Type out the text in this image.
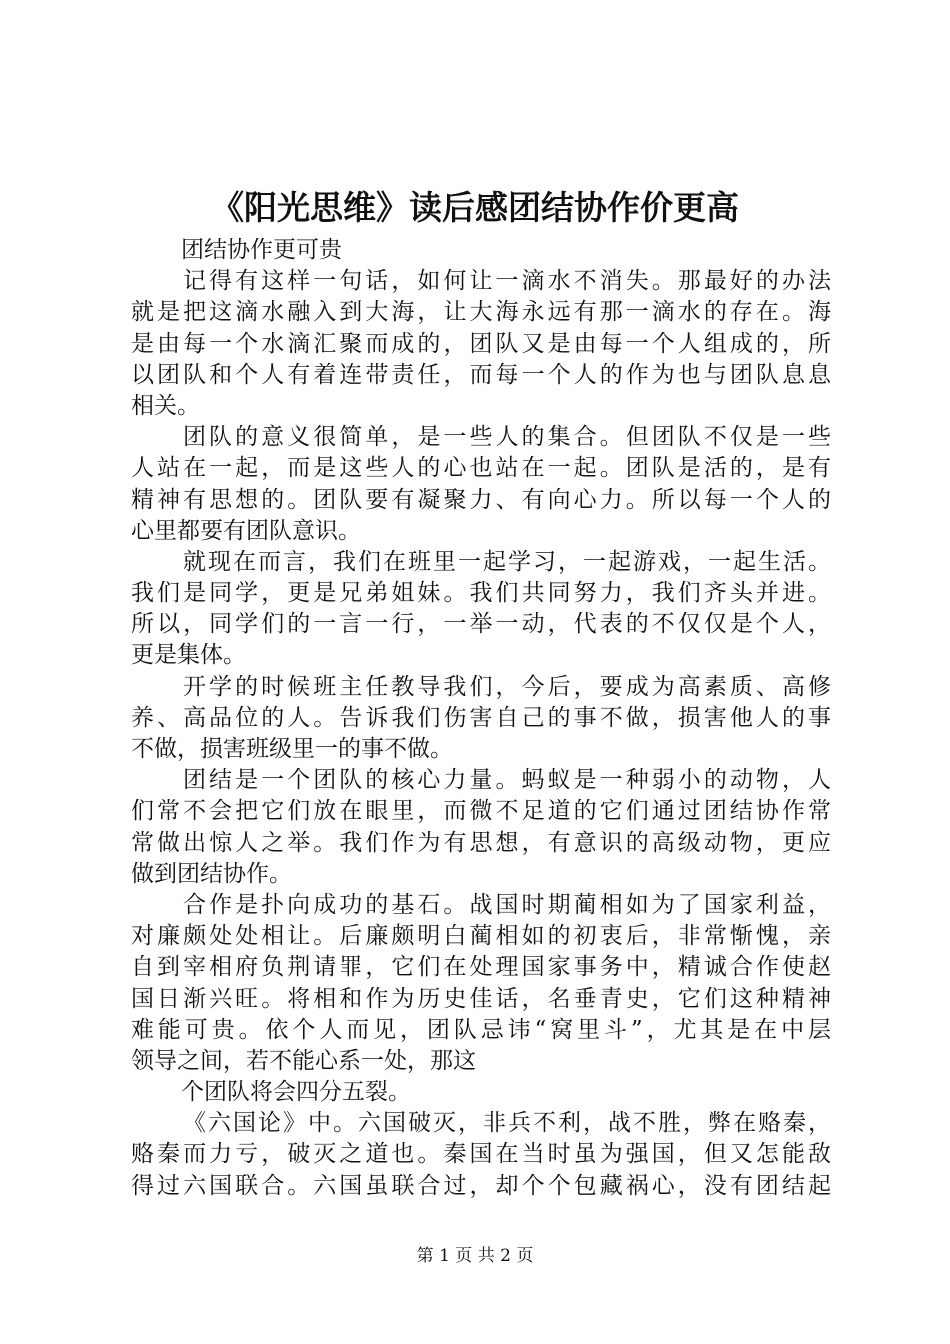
《阳光思维》读后感团结协作价更高
团结协作更可贵
记得有这样一句话，如何让一滴水不消失。那最好的办法
就是把这滴水融入到大海，让大海永远有那一滴水的存在。海
是由每一个水滴汇聚而成的，团队又是由每一个人组成的，所
以团队和个人有着连带责任，而每一个人的作为也与团队息息
相关。
团队的意义很简单，是一些人的集合。但团队不仅是一些
人站在一起，而是这些人的心也站在一起。团队是活的，是有
精神有思想的。团队要有凝聚力、有向心力。所以每一个人的
心里都要有团队意识。
就现在而言，我们在班里一起学习，一起游戏，一起生活。
我们是同学，更是兄弟姐妹。我们共同努力，我们齐头并进。
所以，同学们的一言一行，一举一动，代表的不仅仅是个人，
更是集体。
开学的时候班主任教导我们，今后，要成为高素质、高修
养、高品位的人。告诉我们伤害自己的事不做，损害他人的事
不做，损害班级里一的事不做。
团结是一个团队的核心力量。蚂蚁是一种弱小的动物，人
们常不会把它们放在眼里，而微不足道的它们通过团结协作常
常做出惊人之举。我们作为有思想，有意识的高级动物，更应
做到团结协作。
合作是扑向成功的基石。战国时期蔺相如为了国家利益，
对廉颇处处相让。后廉颇明白蔺相如的初衷后，非常惭愧，亲
自到宰相府负荆请罪，它们在处理国家事务中，精诚合作使赵
国日渐兴旺。将相和作为历史佳话，名垂青史，它们这种精神
难能可贵。依个人而见，团队忌讳“窝里斗”，尤其是在中层
领导之间，若不能心系一处，那这
个团队将会四分五裂。
《六国论》中。六国破灭，非兵不利，战不胜，弊在赂秦，
赂秦而力亏，破灭之道也。秦国在当时虽为强国，但又怎能敌
得过六国联合。六国虽联合过，却个个包藏祸心，没有团结起
第 1 页 共 2 页
